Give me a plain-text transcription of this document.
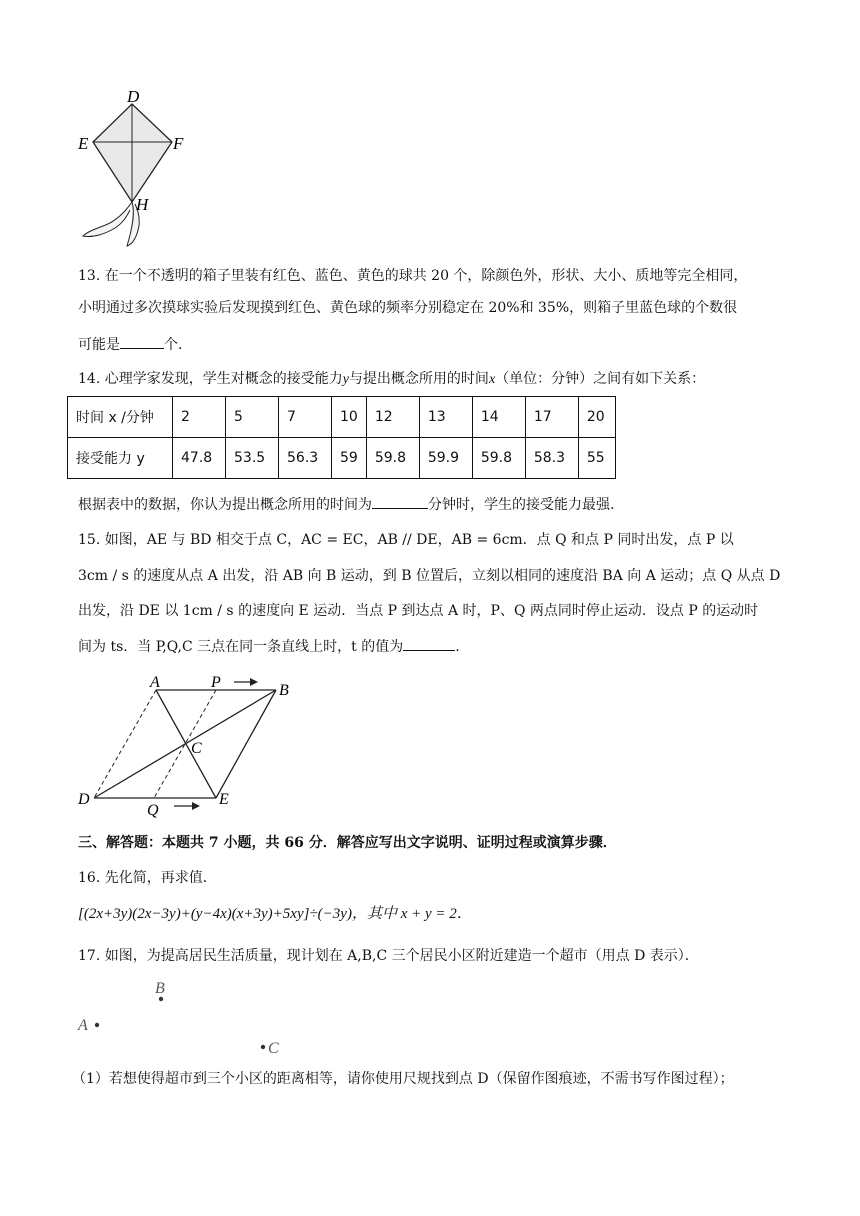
D
E	F
H
13. 在一个不透明的箱子里装有红色、蓝色、黄色的球共 20 个，除颜色外，形状、大小、质地等完全相同，
小明通过多次摸球实验后发现摸到红色、黄色球的频率分别稳定在 20%和 35%，则箱子里蓝色球的个数很
可能是	个.
14. 心理学家发现，学生对概念的接受能力y与提出概念所用的时间x（单位：分钟）之间有如下关系：
时间 x /分钟	2	5	7	10	12	13	14	17	20
接受能力 y	47.8	53.5	56.3	59	59.8	59.9	59.8	58.3	55
根据表中的数据，你认为提出概念所用的时间为	分钟时，学生的接受能力最强.
15. 如图，AE 与 BD 相交于点 C，AC = EC，AB // DE，AB = 6cm．点 Q 和点 P 同时出发，点 P 以
3cm / s 的速度从点 A 出发，沿 AB 向 B 运动，到 B 位置后，立刻以相同的速度沿 BA 向 A 运动；点 Q 从点 D
出发，沿 DE 以 1cm / s 的速度向 E 运动．当点 P 到达点 A 时，P、Q 两点同时停止运动．设点 P 的运动时
间为 ts．当 P,Q,C 三点在同一条直线上时，t 的值为	.
A	P	B
C
D
Q
E
三、解答题：本题共 7 小题，共 66 分．解答应写出文字说明、证明过程或演算步骤．
16. 先化简，再求值．
[(2x+3y)(2x−3y)+(y−4x)(x+3y)+5xy]÷(−3y)，其中 x + y = 2．
17. 如图，为提高居民生活质量，现计划在 A,B,C 三个居民小区附近建造一个超市（用点 D 表示）．
B
A
C
（1）若想使得超市到三个小区的距离相等，请你使用尺规找到点 D（保留作图痕迹，不需书写作图过程）；
